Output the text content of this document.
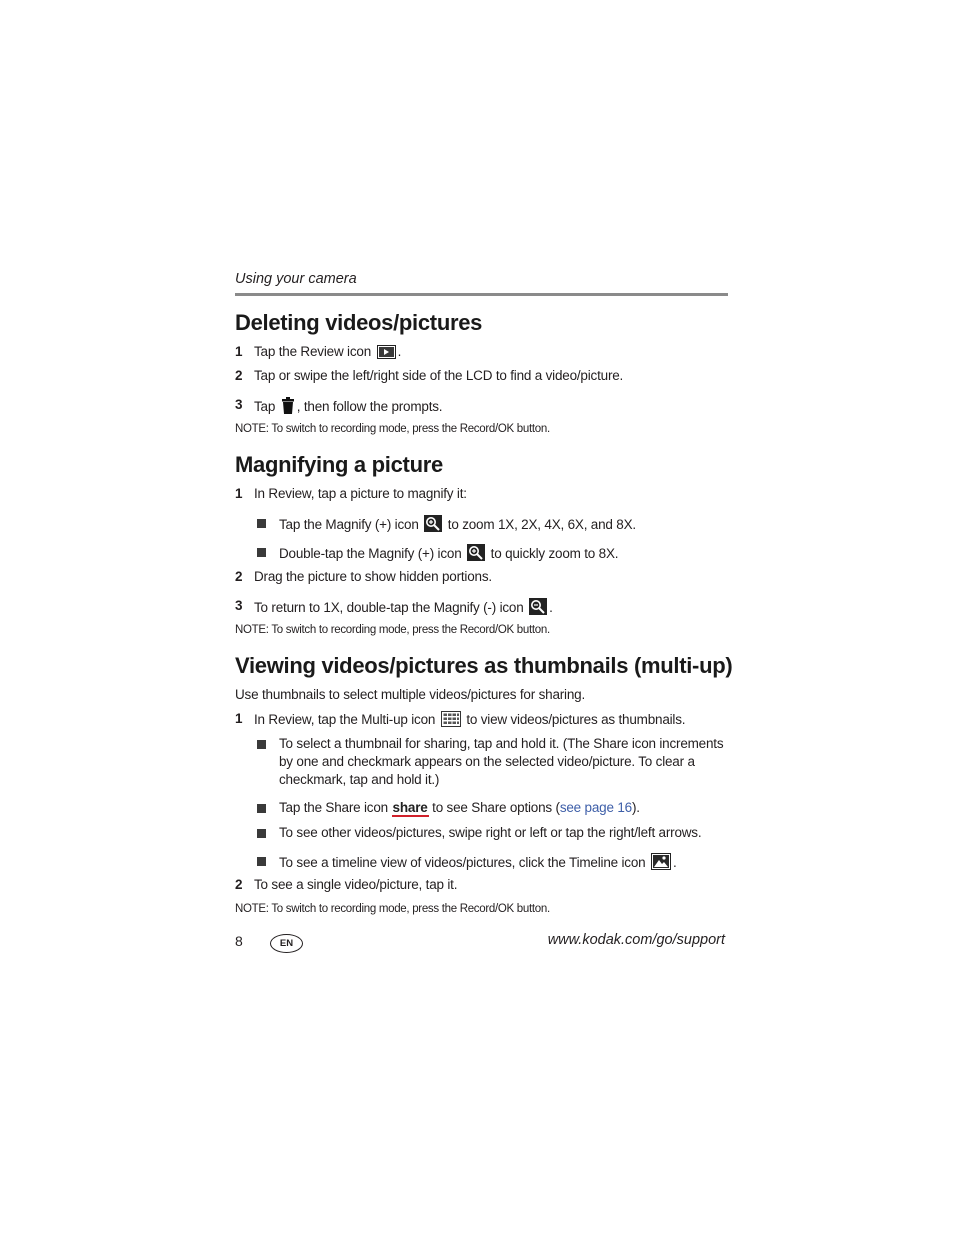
Using your camera
Deleting videos/pictures
1 Tap the Review icon .
2 Tap or swipe the left/right side of the LCD to find a video/picture.
3 Tap , then follow the prompts.
NOTE: To switch to recording mode, press the Record/OK button.
Magnifying a picture
1 In Review, tap a picture to magnify it:
Tap the Magnify (+) icon to zoom 1X, 2X, 4X, 6X, and 8X.
Double-tap the Magnify (+) icon to quickly zoom to 8X.
2 Drag the picture to show hidden portions.
3 To return to 1X, double-tap the Magnify (-) icon .
NOTE: To switch to recording mode, press the Record/OK button.
Viewing videos/pictures as thumbnails (multi-up)
Use thumbnails to select multiple videos/pictures for sharing.
1 In Review, tap the Multi-up icon to view videos/pictures as thumbnails.
To select a thumbnail for sharing, tap and hold it. (The Share icon increments
by one and checkmark appears on the selected video/picture. To clear a
checkmark, tap and hold it.)
Tap the Share icon share to see Share options (see page 16).
To see other videos/pictures, swipe right or left or tap the right/left arrows.
To see a timeline view of videos/pictures, click the Timeline icon .
2 To see a single video/picture, tap it.
NOTE: To switch to recording mode, press the Record/OK button.
8	EN	www.kodak.com/go/support
